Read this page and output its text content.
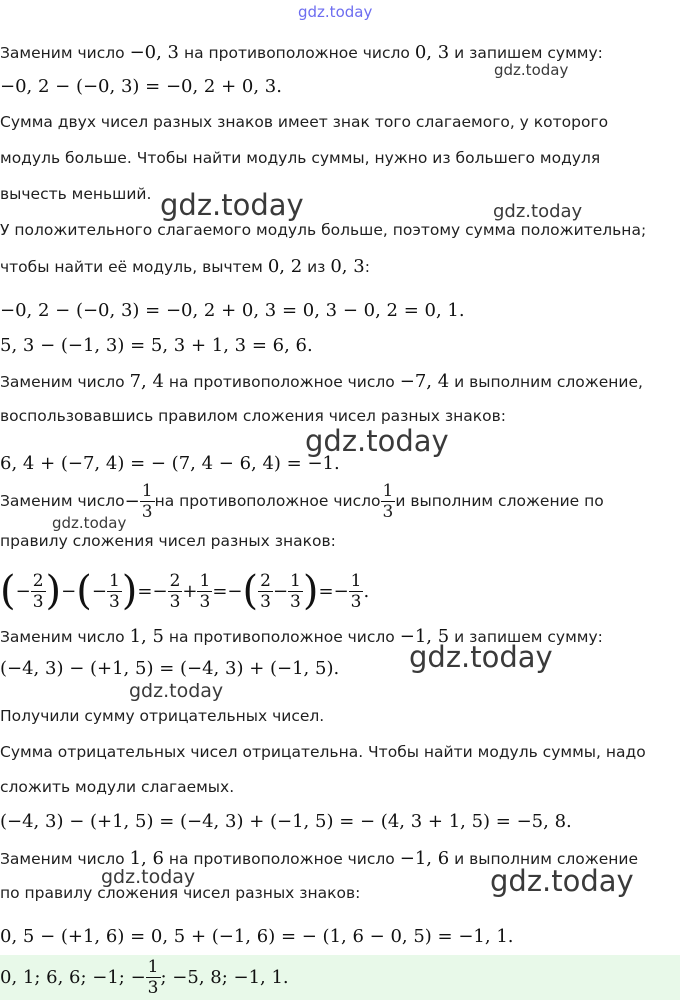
gdz.today
gdz.today
gdz.today	gdz.today
gdz.today
gdz.today
gdz.today
gdz.today
gdz.today	gdz.today
Заменим число −0, 3 на противоположное число 0, 3 и запишем сумму:
−0, 2 − (−0, 3) = −0, 2 + 0, 3.
Сумма двух чисел разных знаков имеет знак того слагаемого, у которого
модуль больше. Чтобы найти модуль суммы, нужно из большего модуля
вычесть меньший.
У положительного слагаемого модуль больше, поэтому сумма положительна;
чтобы найти её модуль, вычтем 0, 2 из 0, 3:
−0, 2 − (−0, 3) = −0, 2 + 0, 3 = 0, 3 − 0, 2 = 0, 1.
5, 3 − (−1, 3) = 5, 3 + 1, 3 = 6, 6.
Заменим число 7, 4 на противоположное число −7, 4 и выполним сложение,
воспользовавшись правилом сложения чисел разных знаков:
6, 4 + (−7, 4) = − (7, 4 − 6, 4) = −1.
Заменим число − $\frac{1}{3}$ на противоположное число $\frac{1}{3}$ и выполним сложение по
правилу сложения чисел разных знаков:
( − $\frac{2}{3}$ ) − ( − $\frac{1}{3}$ ) = − $\frac{2}{3} + \frac{1}{3}$ = − ( $\frac{2}{3} - \frac{1}{3}$ ) = − $\frac{1}{3}$ .
Заменим число 1, 5 на противоположное число −1, 5 и запишем сумму:
(−4, 3) − (+1, 5) = (−4, 3) + (−1, 5).
Получили сумму отрицательных чисел.
Сумма отрицательных чисел отрицательна. Чтобы найти модуль суммы, надо
сложить модули слагаемых.
(−4, 3) − (+1, 5) = (−4, 3) + (−1, 5) = − (4, 3 + 1, 5) = −5, 8.
Заменим число 1, 6 на противоположное число −1, 6 и выполним сложение
по правилу сложения чисел разных знаков:
0, 5 − (+1, 6) = 0, 5 + (−1, 6) = − (1, 6 − 0, 5) = −1, 1.
0, 1; 6, 6; −1; − $\frac{1}{3}$ ; −5, 8; −1, 1.
